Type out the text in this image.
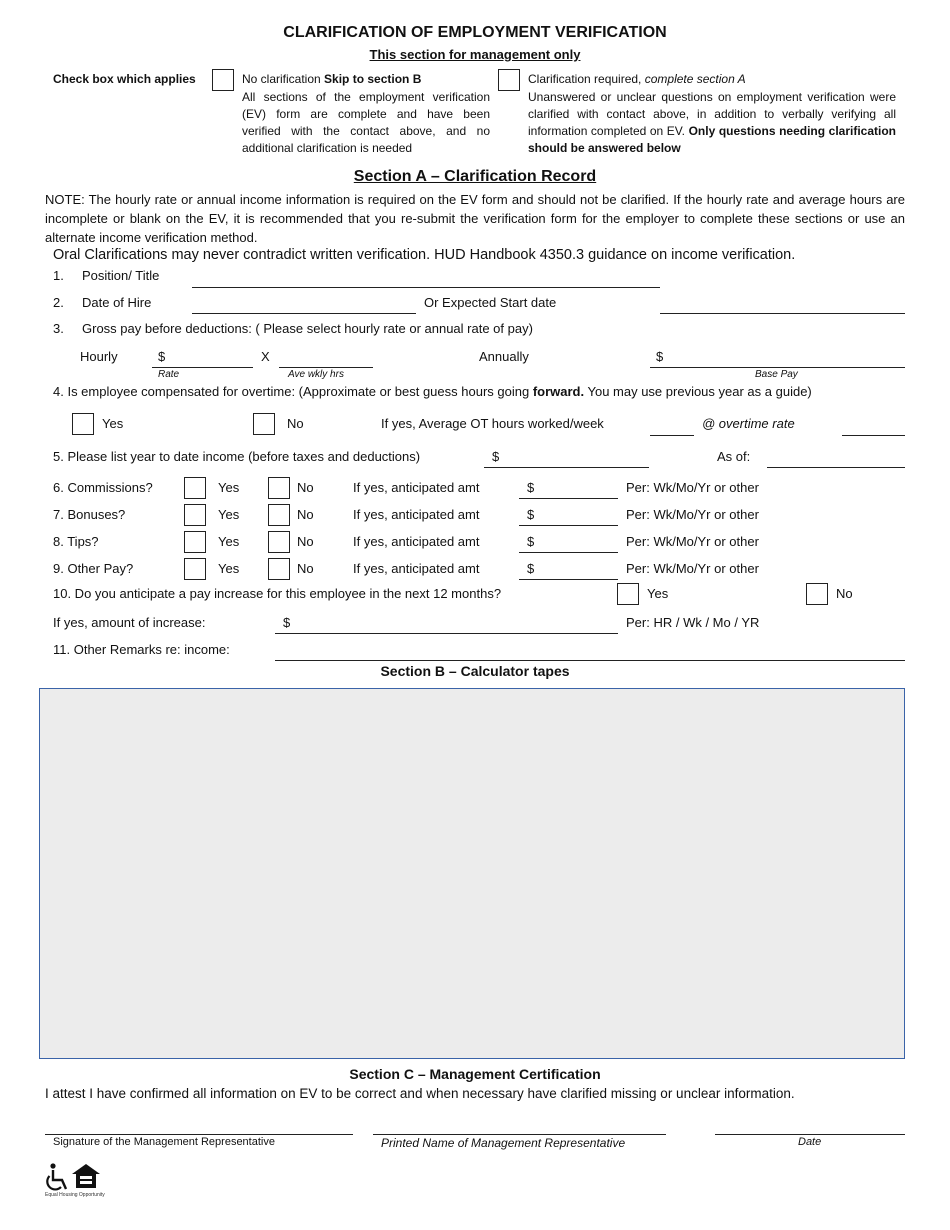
CLARIFICATION OF EMPLOYMENT VERIFICATION
This section for management only
Check box which applies	No clarification Skip to section B
All sections of the employment verification (EV) form are complete and have been verified with the contact above, and no additional clarification is needed
Clarification required, complete section A
Unanswered or unclear questions on employment verification were clarified with contact above, in addition to verbally verifying all information completed on EV. Only questions needing clarification should be answered below
Section A – Clarification Record
NOTE: The hourly rate or annual income information is required on the EV form and should not be clarified. If the hourly rate and average hours are incomplete or blank on the EV, it is recommended that you re-submit the verification form for the employer to complete these sections or use an alternate income verification method.
Oral Clarifications may never contradict written verification. HUD Handbook 4350.3 guidance on income verification.
1. Position/ Title
2. Date of Hire	Or Expected Start date
3. Gross pay before deductions: ( Please select hourly rate or annual rate of pay)
Hourly	$
Rate
X
Ave wkly hrs
Annually	$
Base Pay
4. Is employee compensated for overtime: (Approximate or best guess hours going forward. You may use previous year as a guide)
Yes	No	If yes, Average OT hours worked/week	@ overtime rate
5. Please list year to date income (before taxes and deductions)	$	As of:
6. Commissions?	Yes	No	If yes, anticipated amt	$	Per: Wk/Mo/Yr or other
7. Bonuses?	Yes	No	If yes, anticipated amt	$	Per: Wk/Mo/Yr or other
8. Tips?	Yes	No	If yes, anticipated amt	$	Per: Wk/Mo/Yr or other
9. Other Pay?	Yes	No	If yes, anticipated amt	$	Per: Wk/Mo/Yr or other
10. Do you anticipate a pay increase for this employee in the next 12 months?	Yes	No
If yes, amount of increase:	$	Per: HR / Wk / Mo / YR
11. Other Remarks re: income:
Section B – Calculator tapes
Section C – Management Certification
I attest I have confirmed all information on EV to be correct and when necessary have clarified missing or unclear information.
Signature of the Management Representative	Printed Name of Management Representative	Date
Equal Housing Opportunity
